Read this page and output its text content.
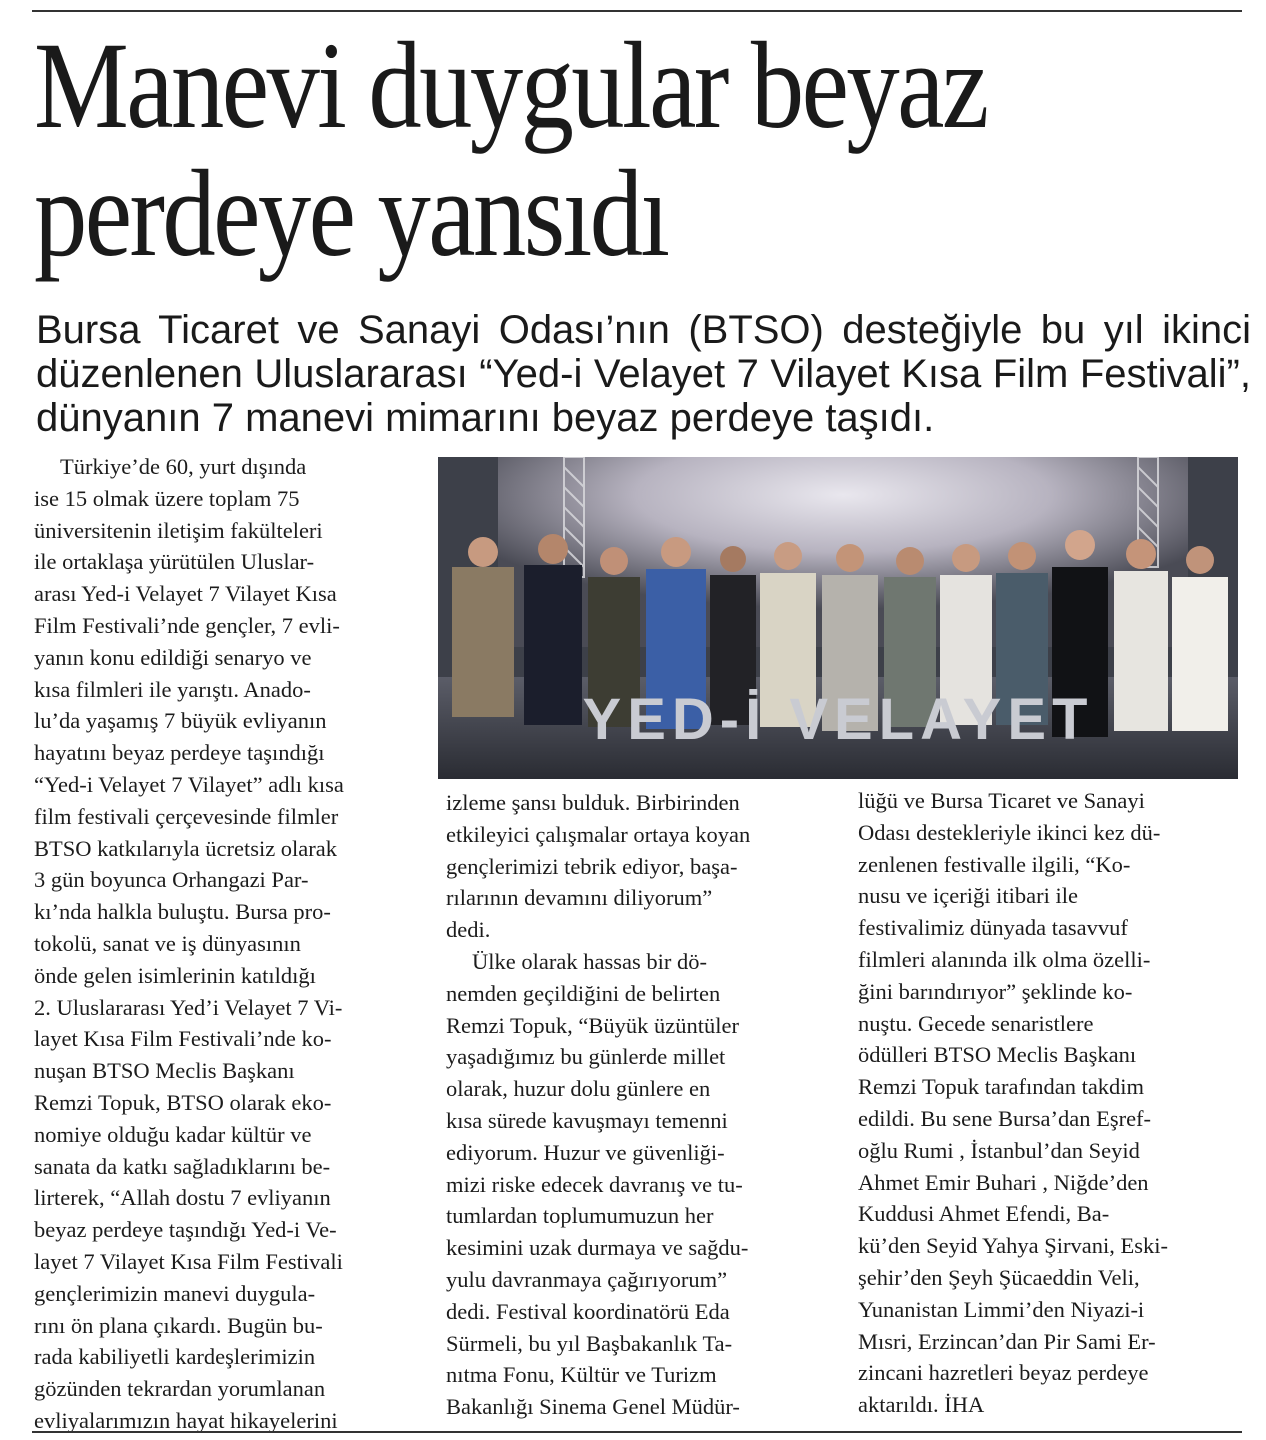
Manevi duygular beyaz
perdeye yansıdı

Bursa Ticaret ve Sanayi Odası’nın (BTSO) desteğiyle bu yıl ikinci düzenlenen Uluslararası “Yed-i Velayet 7 Vilayet Kısa Film Festivali”, dünyanın 7 manevi mimarını beyaz perdeye taşıdı.

Türkiye’de 60, yurt dışında

ise 15 olmak üzere toplam 75
üniversitenin iletişim fakülteleri
ile ortaklaşa yürütülen Uluslar-
arası Yed-i Velayet 7 Vilayet Kısa
Film Festivali’nde gençler, 7 evli-
yanın konu edildiği senaryo ve
kısa filmleri ile yarıştı. Anado-
lu’da yaşamış 7 büyük evliyanın
hayatını beyaz perdeye taşındığı
“Yed-i Velayet 7 Vilayet” adlı kısa
film festivali çerçevesinde filmler
BTSO katkılarıyla ücretsiz olarak
3 gün boyunca Orhangazi Par-
kı’nda halkla buluştu. Bursa pro-
tokolü, sanat ve iş dünyasının
önde gelen isimlerinin katıldığı
2. Uluslararası Yed’i Velayet 7 Vi-
layet Kısa Film Festivali’nde ko-
nuşan BTSO Meclis Başkanı
Remzi Topuk, BTSO olarak eko-
nomiye olduğu kadar kültür ve
sanata da katkı sağladıklarını be-
lirterek, “Allah dostu 7 evliyanın
beyaz perdeye taşındığı Yed-i Ve-
layet 7 Vilayet Kısa Film Festivali
gençlerimizin manevi duygula-
rını ön plana çıkardı. Bugün bu-
rada kabiliyetli kardeşlerimizin
gözünden tekrardan yorumlanan
evliyalarımızın hayat hikayelerini

YED-İ VELAYET

izleme şansı bulduk. Birbirinden
etkileyici çalışmalar ortaya koyan
gençlerimizi tebrik ediyor, başa-
rılarının devamını diliyorum”
dedi.

Ülke olarak hassas bir dö-

nemden geçildiğini de belirten
Remzi Topuk, “Büyük üzüntüler
yaşadığımız bu günlerde millet
olarak, huzur dolu günlere en
kısa sürede kavuşmayı temenni
ediyorum. Huzur ve güvenliği-
mizi riske edecek davranış ve tu-
tumlardan toplumumuzun her
kesimini uzak durmaya ve sağdu-
yulu davranmaya çağırıyorum”
dedi. Festival koordinatörü Eda
Sürmeli, bu yıl Başbakanlık Ta-
nıtma Fonu, Kültür ve Turizm
Bakanlığı Sinema Genel Müdür-

lüğü ve Bursa Ticaret ve Sanayi
Odası destekleriyle ikinci kez dü-
zenlenen festivalle ilgili, “Ko-
nusu ve içeriği itibari ile
festivalimiz dünyada tasavvuf
filmleri alanında ilk olma özelli-
ğini barındırıyor” şeklinde ko-
nuştu. Gecede senaristlere
ödülleri BTSO Meclis Başkanı
Remzi Topuk tarafından takdim
edildi. Bu sene Bursa’dan Eşref-
oğlu Rumi , İstanbul’dan Seyid
Ahmet Emir Buhari , Niğde’den
Kuddusi Ahmet Efendi, Ba-
kü’den Seyid Yahya Şirvani, Eski-
şehir’den Şeyh Şücaeddin Veli,
Yunanistan Limmi’den Niyazi-i
Mısri, Erzincan’dan Pir Sami Er-
zincani hazretleri beyaz perdeye
aktarıldı. İHA
